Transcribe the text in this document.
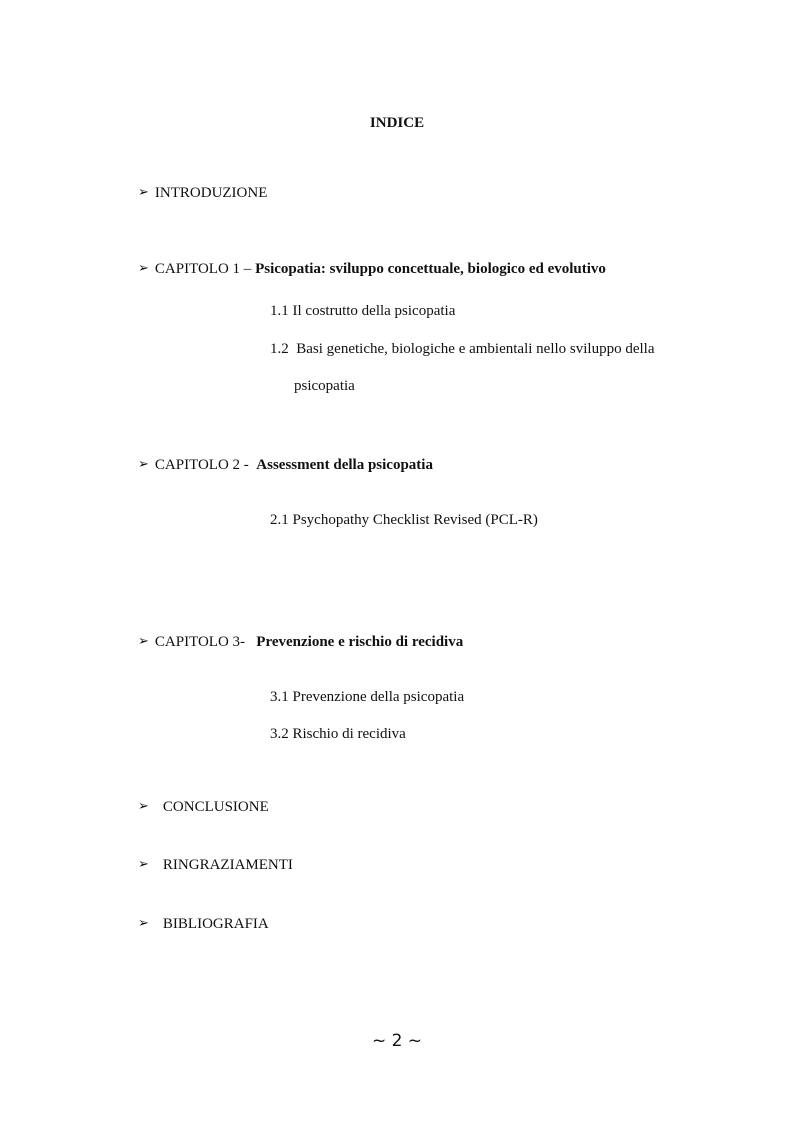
INDICE
➢ INTRODUZIONE
➢ CAPITOLO 1 – Psicopatia: sviluppo concettuale, biologico ed evolutivo
1.1 Il costrutto della psicopatia
1.2  Basi genetiche, biologiche e ambientali nello sviluppo della
psicopatia
➢ CAPITOLO 2 -  Assessment della psicopatia
2.1 Psychopathy Checklist Revised (PCL-R)
➢ CAPITOLO 3-   Prevenzione e rischio di recidiva
3.1 Prevenzione della psicopatia
3.2 Rischio di recidiva
➢ CONCLUSIONE
➢ RINGRAZIAMENTI
➢ BIBLIOGRAFIA
~ 2 ~
